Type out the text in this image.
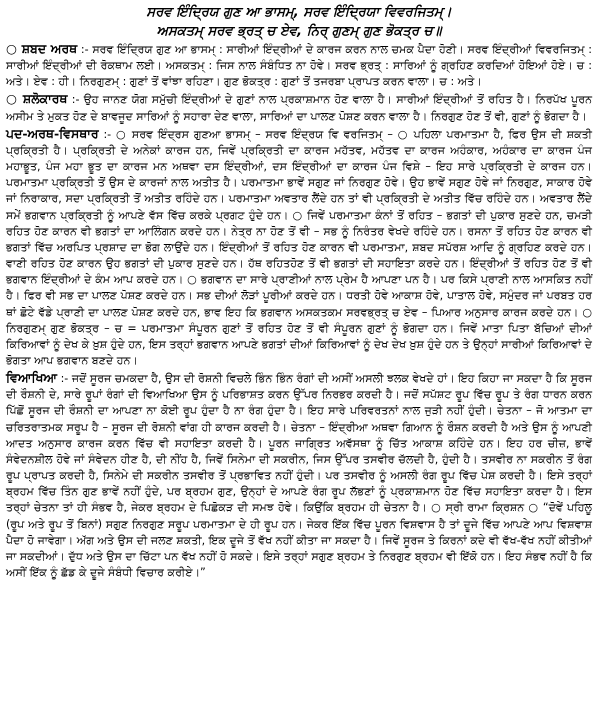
ਸਰਵ ਇੰਦ੍ਰਿਯ ਗੁਣ ਆ ਭਾਸਮ੍, ਸਰਵ ਇੰਦ੍ਰਿਯਾ ਵਿਵਰਜਿਤਮ੍।

ਅਸਕਤਮ੍ ਸਰਵ ਭ੍ਰਤ੍ ਚ ਏਵ, ਨਿਰ੍ ਗੁਣਮ੍ ਗੁਣ ਭੋਕਤ੍ਰ ਚ॥

○ ਸ਼ਬਦ ਅਰਥ :- ਸਰਵ ਇੰਦ੍ਰਿਯ ਗੁਣ ਆ ਭਾਸਮ੍ : ਸਾਰੀਆਂ ਇੰਦ੍ਰੀਆਂ ਦੇ ਕਾਰਜ ਕਰਨ ਨਾਲ ਚਮਕ ਪੈਦਾ ਹੋਣੀ। ਸਰਵ ਇੰਦ੍ਰੀਆਂ ਵਿਵਰਜਿਤਮ੍ : ਸਾਰੀਆਂ ਇੰਦ੍ਰੀਆਂ ਦੀ ਰੋਕਥਾਮ ਲਈ। ਅਸਕਤਮ੍ : ਜਿਸ ਨਾਲ ਸੰਬੰਧਿਤ ਨਾ ਹੋਵੇ। ਸਰਵ ਭ੍ਰਤ੍ : ਸਾਰਿਆਂ ਨੂੰ ਗ੍ਰਹਿਣ ਕਰਦਿਆਂ ਹੋਇਆਂ ਹੋਏ। ਚ : ਅਤੇ। ਏਵ : ਹੀ। ਨਿਰਗੁਣਮ੍ : ਗੁਣਾਂ ਤੋਂ ਵਾਂਝਾ ਰਹਿਣਾ। ਗੁਣ ਭੋਕਤ੍ਰ : ਗੁਣਾਂ ਤੋਂ ਤਜਰਬਾ ਪ੍ਰਾਪਤ ਕਰਨ ਵਾਲਾ। ਚ : ਅਤੇ।

○ ਸ਼ਲੋਕਾਰਥ :- ਉਹ ਜਾਨਣ ਯੋਗ ਸਮੁੱਚੀ ਇੰਦ੍ਰੀਆਂ ਦੇ ਗੁਣਾਂ ਨਾਲ ਪ੍ਰਕਾਸ਼ਮਾਨ ਹੋਣ ਵਾਲਾ ਹੈ। ਸਾਰੀਆਂ ਇੰਦ੍ਰੀਆਂ ਤੋਂ ਰਹਿਤ ਹੈ। ਨਿਰਪੱਖ ਪੂਰਨ ਅਸੀਮ ਤੇ ਮੁਕਤ ਹੋਣ ਦੇ ਬਾਵਜੂਦ ਸਾਰਿਆਂ ਨੂੰ ਸਹਾਰਾ ਦੇਣ ਵਾਲਾ, ਸਾਰਿਆਂ ਦਾ ਪਾਲਣ ਪੋਸ਼ਣ ਕਰਨ ਵਾਲਾ ਹੈ। ਨਿਰਗੁਣ ਹੋਣ ਤੋਂ ਵੀ, ਗੁਣਾਂ ਨੂੰ ਭੋਗਦਾ ਹੈ।

ਪਦ-ਅਰਥ-ਵਿਸਥਾਰ :- ○ ਸਰਵ ਇੰਦ੍ਰਸ ਗੁਣਆ ਭਾਸਮ੍ – ਸਰਵ ਇੰਦ੍ਰਯ ਵਿ ਵਰਜਿਤਮ੍ – ○ ਪਹਿਲਾ ਪਰਮਾਤਮਾ ਹੈ, ਫਿਰ ਉਸ ਦੀ ਸ਼ਕਤੀ ਪ੍ਰਕ੍ਰਿਤੀ ਹੈ। ਪ੍ਰਕ੍ਰਿਤੀ ਦੇ ਅਨੇਕਾਂ ਕਾਰਜ ਹਨ, ਜਿਵੇਂ ਪ੍ਰਕ੍ਰਿਤੀ ਦਾ ਕਾਰਜ ਮਹੱਤਵ, ਮਹੱਤਵ ਦਾ ਕਾਰਜ ਅਹੰਕਾਰ, ਅਹੰਕਾਰ ਦਾ ਕਾਰਜ ਪੰਜ ਮਹਾਭੂਤ, ਪੰਜ ਮਹਾ ਭੂਤ ਦਾ ਕਾਰਜ ਮਨ ਅਥਵਾ ਦਸ ਇੰਦ੍ਰੀਆਂ, ਦਸ ਇੰਦ੍ਰੀਆਂ ਦਾ ਕਾਰਜ ਪੰਜ ਵਿਸ਼ੇ – ਇਹ ਸਾਰੇ ਪ੍ਰਕ੍ਰਿਤੀ ਦੇ ਕਾਰਜ ਹਨ। ਪਰਮਾਤਮਾ ਪ੍ਰਕ੍ਰਿਤੀ ਤੋਂ ਉਸ ਦੇ ਕਾਰਜਾਂ ਨਾਲ ਅਤੀਤ ਹੈ। ਪਰਮਾਤਮਾ ਭਾਵੇਂ ਸਗੁਣ ਜਾਂ ਨਿਰਗੁਣ ਹੋਵੇ। ਉਹ ਭਾਵੇਂ ਸਗੁਣ ਹੋਵੇ ਜਾਂ ਨਿਰਗੁਣ, ਸਾਕਾਰ ਹੋਵੇ ਜਾਂ ਨਿਰਾਕਾਰ, ਸਦਾ ਪ੍ਰਕ੍ਰਿਤੀ ਤੋਂ ਅਤੀਤ ਰਹਿੰਦੇ ਹਨ। ਪਰਮਾਤਮਾ ਅਵਤਾਰ ਲੈਂਦੇ ਹਨ ਤਾਂ ਵੀ ਪ੍ਰਕ੍ਰਿਤੀ ਦੇ ਅਤੀਤ ਵਿੱਚ ਰਹਿੰਦੇ ਹਨ। ਅਵਤਾਰ ਲੈਂਦੇ ਸਮੇਂ ਭਗਵਾਨ ਪ੍ਰਕ੍ਰਿਤੀ ਨੂੰ ਆਪਣੇ ਵੱਸ ਵਿੱਚ ਕਰਕੇ ਪ੍ਰਗਟ ਹੁੰਦੇ ਹਨ। ○ ਜਿਵੇਂ ਪਰਮਾਤਮਾ ਕੰਨਾਂ ਤੋਂ ਰਹਿਤ – ਭਗਤਾਂ ਦੀ ਪੁਕਾਰ ਸੁਣਦੇ ਹਨ, ਚਮੜੀ ਰਹਿਤ ਹੋਣ ਕਾਰਨ ਵੀ ਭਗਤਾਂ ਦਾ ਆਲਿੰਗਨ ਕਰਦੇ ਹਨ। ਨੇਤ੍ਰ ਨਾ ਹੋਣ ਤੋਂ ਵੀ – ਸਭ ਨੂੰ ਨਿਰੰਤਰ ਵੇਖਦੇ ਰਹਿੰਦੇ ਹਨ। ਰਸਨਾ ਤੋਂ ਰਹਿਤ ਹੋਣ ਕਾਰਨ ਵੀ ਭਗਤਾਂ ਵਿੱਚ ਅਰਪਿਤ ਪ੍ਰਸ਼ਾਦ ਦਾ ਭੋਗ ਲਾਉਂਦੇ ਹਨ। ਇੰਦ੍ਰੀਆਂ ਤੋਂ ਰਹਿਤ ਹੋਣ ਕਾਰਨ ਵੀ ਪਰਮਾਤਮਾ, ਸ਼ਬਦ ਸਪੱਰਸ਼ ਆਦਿ ਨੂੰ ਗ੍ਰਹਿਣ ਕਰਦੇ ਹਨ। ਵਾਣੀ ਰਹਿਤ ਹੋਣ ਕਾਰਨ ਉਹ ਭਗਤਾਂ ਦੀ ਪੁਕਾਰ ਸੁਣਦੇ ਹਨ। ਹੱਥ ਰਹਿਤਹੋਣ ਤੋਂ ਵੀ ਭਗਤਾਂ ਦੀ ਸਹਾਇਤਾ ਕਰਦੇ ਹਨ। ਇੰਦ੍ਰੀਆਂ ਤੋਂ ਰਹਿਤ ਹੋਣ ਤੋਂ ਵੀ ਭਗਵਾਨ ਇੰਦ੍ਰੀਆਂ ਦੇ ਕੰਮ ਆਪ ਕਰਦੇ ਹਨ। ○ ਭਗਵਾਨ ਦਾ ਸਾਰੇ ਪ੍ਰਾਣੀਆਂ ਨਾਲ ਪ੍ਰੇਮ ਹੈ ਆਪਣਾ ਪਨ ਹੈ। ਪਰ ਕਿਸੇ ਪ੍ਰਾਣੀ ਨਾਲ ਆਸਕਿਤ ਨਹੀਂ ਹੈ। ਫਿਰ ਵੀ ਸਭ ਦਾ ਪਾਲਣ ਪੋਸ਼ਣ ਕਰਦੇ ਹਨ। ਸਭ ਦੀਆਂ ਲੋੜਾਂ ਪੂਰੀਆਂ ਕਰਦੇ ਹਨ। ਧਰਤੀ ਹੋਵੇ ਆਕਾਸ਼ ਹੋਵੇ, ਪਾਤਾਲ ਹੋਵੇ, ਸਮੁੰਦਰ ਜਾਂ ਪਰਬਤ ਹਰ ਥਾਂ ਛੋਟੇ ਵੱਡੇ ਪ੍ਰਾਣੀ ਦਾ ਪਾਲਣ ਪੋਸ਼ਣ ਕਰਦੇ ਹਨ, ਭਾਵ ਇਹ ਕਿ ਭਗਵਾਨ ਅਸਕਤਕਮ ਸਰਵਭ੍ਰਤ੍ ਚ ਏਵ – ਪਿਆਰ ਅਨੁਸਾਰ ਕਾਰਜ ਕਰਦੇ ਹਨ। ○ ਨਿਰਗੁਣਮ੍ ਗੁਣ ਭੋਕਤ੍ਰ – ਚ = ਪਰਮਾਤਮਾ ਸੰਪੂਰਨ ਗੁਣਾਂ ਤੋਂ ਰਹਿਤ ਹੋਣ ਤੋਂ ਵੀ ਸੰਪੂਰਨ ਗੁਣਾਂ ਨੂੰ ਭੋਗਦਾ ਹਨ। ਜਿਵੇਂ ਮਾਤਾ ਪਿਤਾ ਬੱਚਿਆਂ ਦੀਆਂ ਕਿਰਿਆਵਾਂ ਨੂੰ ਦੇਖ ਕੇ ਖ਼ੁਸ਼ ਹੁੰਦੇ ਹਨ, ਇਸ ਤਰ੍ਹਾਂ ਭਗਵਾਨ ਆਪਣੇ ਭਗਤਾਂ ਦੀਆਂ ਕਿਰਿਆਵਾਂ ਨੂੰ ਦੇਖ ਦੇਖ ਖ਼ੁਸ਼ ਹੁੰਦੇ ਹਨ ਤੇ ਉਨ੍ਹਾਂ ਸਾਰੀਆਂ ਕਿਰਿਆਵਾਂ ਦੇ ਭੋਗਤਾ ਆਪ ਭਗਵਾਨ ਬਣਦੇ ਹਨ।

ਵਿਆਖਿਆ :- ਜਦੋਂ ਸੂਰਜ ਚਮਕਦਾ ਹੈ, ਉਸ ਦੀ ਰੋਸ਼ਨੀ ਵਿਚਲੇ ਭਿੰਨ ਭਿੰਨ ਰੰਗਾਂ ਦੀ ਅਸੀਂ ਅਸਲੀ ਝਲਕ ਵੇਖਦੇ ਹਾਂ। ਇਹ ਕਿਹਾ ਜਾ ਸਕਦਾ ਹੈ ਕਿ ਸੂਰਜ ਦੀ ਰੌਸ਼ਨੀ ਦੇ, ਸਾਰੇ ਰੂਪਾਂ ਰੰਗਾਂ ਦੀ ਵਿਆਖਿਆ ਉਸ ਨੂੰ ਪਰਿਭਾਸ਼ਤ ਕਰਨ ਉੱਪਰ ਨਿਰਭਰ ਕਰਦੀ ਹੈ। ਜਦੋਂ ਸਪੱਸ਼ਟ ਰੂਪ ਵਿੱਚ ਰੂਪ ਤੇ ਰੰਗ ਧਾਰਨ ਕਰਨ ਪਿੱਛੋਂ ਸੂਰਜ ਦੀ ਰੌਸ਼ਨੀ ਦਾ ਆਪਣਾ ਨਾ ਕੋਈ ਰੂਪ ਹੁੰਦਾ ਹੈ ਨਾ ਰੰਗ ਹੁੰਦਾ ਹੈ। ਇਹ ਸਾਰੇ ਪਰਿਵਰਤਨਾਂ ਨਾਲ ਜੁੜੀ ਨਹੀਂ ਹੁੰਦੀ। ਚੇਤਨਾ – ਜੋ ਆਤਮਾ ਦਾ ਚਰਿਤਰਾਤਮਕ ਸਰੂਪ ਹੈ – ਸੂਰਜ ਦੀ ਰੋਸ਼ਨੀ ਵਾਂਗ ਹੀ ਕਾਰਜ ਕਰਦੀ ਹੈ। ਚੇਤਨਾ – ਇੰਦ੍ਰੀਆ ਅਥਵਾ ਗਿਆਨ ਨੂੰ ਰੌਸ਼ਨ ਕਰਦੀ ਹੈ ਅਤੇ ਉਸ ਨੂੰ ਆਪਣੀ ਆਦਤ ਅਨੁਸਾਰ ਕਾਰਜ ਕਰਨ ਵਿੱਚ ਵੀ ਸਹਾਇਤਾ ਕਰਦੀ ਹੈ। ਪੂਰਨ ਜਾਗ੍ਰਿਤ ਅਵੱਸਥਾ ਨੂੰ ਚਿੱਤ ਆਕਾਸ਼ ਕਹਿੰਦੇ ਹਨ। ਇਹ ਹਰ ਚੀਜ਼, ਭਾਵੇਂ ਸੰਵੇਦਨਸ਼ੀਲ ਹੋਵੇ ਜਾਂ ਸੰਵੇਦਨ ਹੀਣ ਹੈ, ਦੀ ਨੀਂਹ ਹੈ, ਜਿਵੇਂ ਸਿਨੇਮਾ ਦੀ ਸਕਰੀਨ, ਜਿਸ ਉੱਪਰ ਤਸਵੀਰ ਚੱਲਦੀ ਹੈ, ਹੁੰਦੀ ਹੈ। ਤਸਵੀਰ ਨਾ ਸਕਰੀਨ ਤੋਂ ਰੰਗ ਰੂਪ ਪ੍ਰਾਪਤ ਕਰਦੀ ਹੈ, ਸਿਨੇਮੇ ਦੀ ਸਕਰੀਨ ਤਸਵੀਰ ਤੋਂ ਪ੍ਰਭਾਵਿਤ ਨਹੀਂ ਹੁੰਦੀ। ਪਰ ਤਸਵੀਰ ਨੂੰ ਅਸਲੀ ਰੰਗ ਰੂਪ ਵਿੱਚ ਪੇਸ਼ ਕਰਦੀ ਹੈ। ਇਸੇ ਤਰ੍ਹਾਂ ਬ੍ਰਹਮ ਵਿੱਚ ਤਿੰਨ ਗੁਣ ਭਾਵੇਂ ਨਹੀਂ ਹੁੰਦੇ, ਪਰ ਬ੍ਰਹਮ ਗੁਣ, ਉਨ੍ਹਾਂ ਦੇ ਆਪਣੇ ਰੰਗ ਰੂਪ ਲੱਭਣਾਂ ਨੂੰ ਪ੍ਰਕਾਸ਼ਮਾਨ ਹੋਣ ਵਿੱਚ ਸਹਾਇਤਾ ਕਰਦਾ ਹੈ। ਇਸ ਤਰ੍ਹਾਂ ਚੇਤਨਾ ਤਾਂ ਹੀ ਸੰਭਵ ਹੈ, ਜੇਕਰ ਬ੍ਰਹਮ ਦੇ ਪਿਛੋਕੜ ਦੀ ਸਮਝ ਹੋਵੇ। ਕਿਉਂਕਿ ਬ੍ਰਹਮ ਹੀ ਚੇਤਨਾ ਹੈ। ○ ਸ੍ਰੀ ਰਾਮਾ ਕ੍ਰਿਸ਼ਨ ○ “ਦੋਵੇਂ ਪਹਿਲੂ (ਰੂਪ ਅਤੇ ਰੂਪ ਤੋਂ ਬਿਨਾਂ) ਸਗੁਣ ਨਿਰਗੁਣ ਸਰੂਪ ਪਰਮਾਤਮਾ ਦੇ ਹੀ ਰੂਪ ਹਨ। ਜੇਕਰ ਇੱਕ ਵਿੱਚ ਪੂਰਨ ਵਿਸ਼ਵਾਸ ਹੈ ਤਾਂ ਦੂਜੇ ਵਿੱਚ ਆਪਣੇ ਆਪ ਵਿਸ਼ਵਾਸ਼ ਪੈਦਾ ਹੋ ਜਾਵੇਗਾ। ਅੱਗ ਅਤੇ ਉਸ ਦੀ ਜਲਣ ਸ਼ਕਤੀ, ਇਕ ਦੂਜੇ ਤੋਂ ਵੱਖ ਨਹੀਂ ਕੀਤਾ ਜਾ ਸਕਦਾ ਹੈ। ਜਿਵੇਂ ਸੂਰਜ ਤੇ ਕਿਰਨਾਂ ਕਦੇ ਵੀ ਵੱਖ-ਵੱਖ ਨਹੀਂ ਕੀਤੀਆਂ ਜਾ ਸਕਦੀਆਂ। ਦੁੱਧ ਅਤੇ ਉਸ ਦਾ ਚਿੱਟਾ ਪਨ ਵੱਖ ਨਹੀਂ ਹੋ ਸਕਦੇ। ਇਸੇ ਤਰ੍ਹਾਂ ਸਗੁਣ ਬ੍ਰਹਮ ਤੇ ਨਿਰਗੁਣ ਬ੍ਰਹਮ ਵੀ ਇੱਕੋ ਹਨ। ਇਹ ਸੰਭਵ ਨਹੀਂ ਹੈ ਕਿ ਅਸੀਂ ਇੱਕ ਨੂੰ ਛੱਡ ਕੇ ਦੂਜੇ ਸੰਬੰਧੀ ਵਿਚਾਰ ਕਰੀਏ।”
